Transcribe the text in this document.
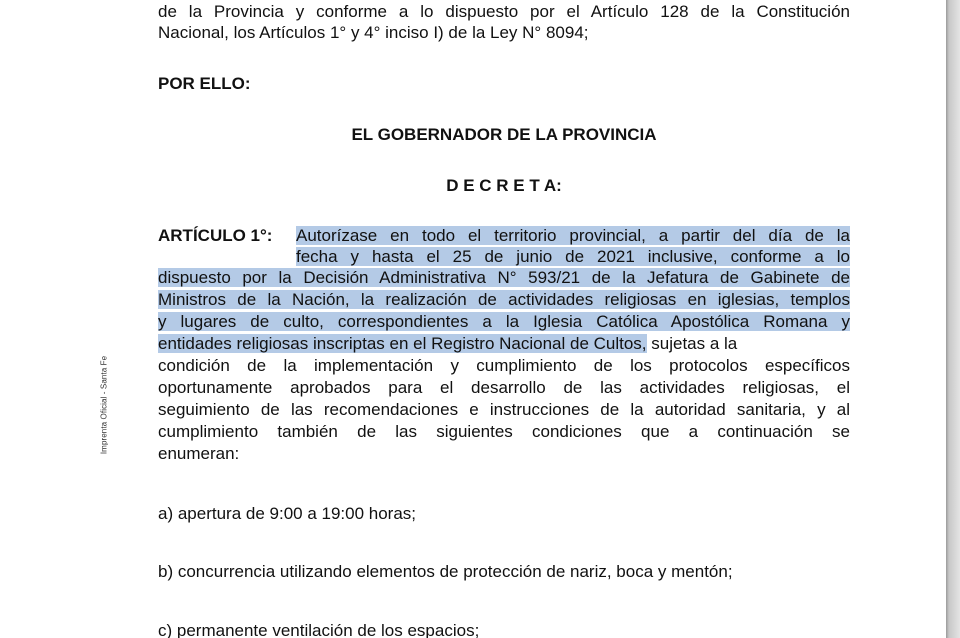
Imprenta Oficial - Santa Fe
de la Provincia y conforme a lo dispuesto por el Artículo 128 de la Constitución
Nacional, los Artículos 1° y 4° inciso I) de la Ley N° 8094;
POR ELLO:
EL GOBERNADOR DE LA PROVINCIA
D E C R E T A:
ARTÍCULO 1°: Autorízase en todo el territorio provincial, a partir del día de la
fecha y hasta el 25 de junio de 2021 inclusive, conforme a lo
dispuesto por la Decisión Administrativa N° 593/21 de la Jefatura de Gabinete de
Ministros de la Nación, la realización de actividades religiosas en iglesias, templos
y lugares de culto, correspondientes a la Iglesia Católica Apostólica Romana y
entidades religiosas inscriptas en el Registro Nacional de Cultos, sujetas a la
condición de la implementación y cumplimiento de los protocolos específicos
oportunamente aprobados para el desarrollo de las actividades religiosas, el
seguimiento de las recomendaciones e instrucciones de la autoridad sanitaria, y al
cumplimiento también de las siguientes condiciones que a continuación se
enumeran:
a) apertura de 9:00 a 19:00 horas;
b) concurrencia utilizando elementos de protección de nariz, boca y mentón;
c) permanente ventilación de los espacios;
